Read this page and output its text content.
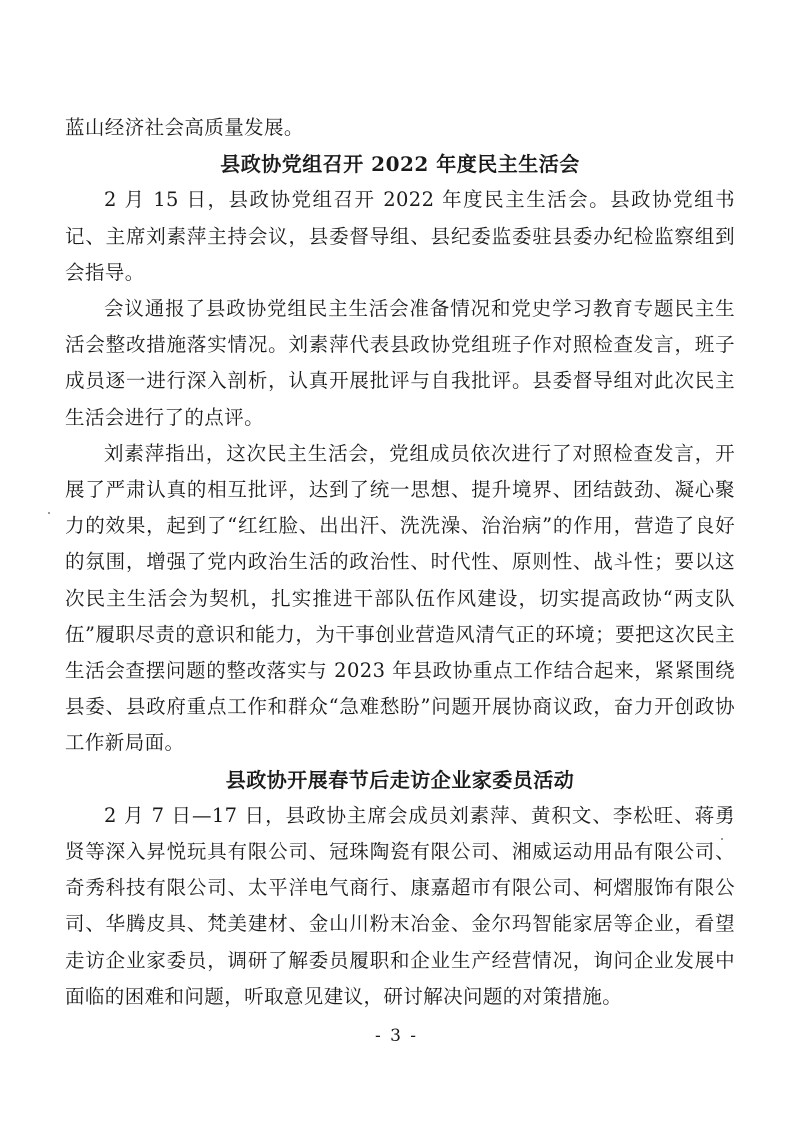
蓝山经济社会高质量发展。

县政协党组召开 2022 年度民主生活会

2 月 15 日，县政协党组召开 2022 年度民主生活会。县政协党组书记、主席刘素萍主持会议，县委督导组、县纪委监委驻县委办纪检监察组到会指导。

会议通报了县政协党组民主生活会准备情况和党史学习教育专题民主生活会整改措施落实情况。刘素萍代表县政协党组班子作对照检查发言，班子成员逐一进行深入剖析，认真开展批评与自我批评。县委督导组对此次民主生活会进行了的点评。

刘素萍指出，这次民主生活会，党组成员依次进行了对照检查发言，开展了严肃认真的相互批评，达到了统一思想、提升境界、团结鼓劲、凝心聚力的效果，起到了“红红脸、出出汗、洗洗澡、治治病”的作用，营造了良好的氛围，增强了党内政治生活的政治性、时代性、原则性、战斗性；要以这次民主生活会为契机，扎实推进干部队伍作风建设，切实提高政协“两支队伍”履职尽责的意识和能力，为干事创业营造风清气正的环境；要把这次民主生活会查摆问题的整改落实与 2023 年县政协重点工作结合起来，紧紧围绕县委、县政府重点工作和群众“急难愁盼”问题开展协商议政，奋力开创政协工作新局面。

县政协开展春节后走访企业家委员活动

2 月 7 日—17 日，县政协主席会成员刘素萍、黄积文、李松旺、蒋勇贤等深入昇悦玩具有限公司、冠珠陶瓷有限公司、湘威运动用品有限公司、奇秀科技有限公司、太平洋电气商行、康嘉超市有限公司、柯熠服饰有限公司、华腾皮具、梵美建材、金山川粉末冶金、金尔玛智能家居等企业，看望走访企业家委员，调研了解委员履职和企业生产经营情况，询问企业发展中面临的困难和问题，听取意见建议，研讨解决问题的对策措施。

- 3 -
